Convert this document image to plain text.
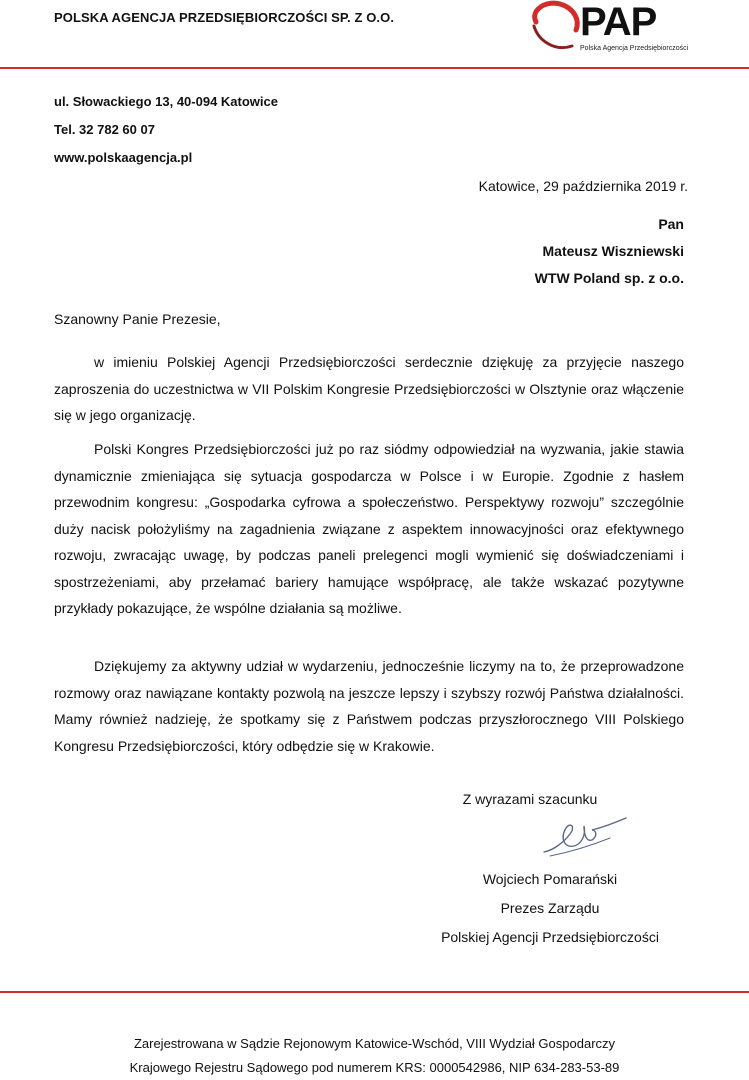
POLSKA AGENCJA PRZEDSIĘBIORCZOŚCI SP. Z O.O.	PAP
Polska Agencja Przedsiębiorczości
ul. Słowackiego 13, 40-094 Katowice
Tel. 32 782 60 07
www.polskaagencja.pl
Katowice, 29 października 2019 r.
Pan
Mateusz Wiszniewski
WTW Poland sp. z o.o.
Szanowny Panie Prezesie,

w imieniu Polskiej Agencji Przedsiębiorczości serdecznie dziękuję za przyjęcie naszego zaproszenia do uczestnictwa w VII Polskim Kongresie Przedsiębiorczości w Olsztynie oraz włączenie się w jego organizację.

Polski Kongres Przedsiębiorczości już po raz siódmy odpowiedział na wyzwania, jakie stawia dynamicznie zmieniająca się sytuacja gospodarcza w Polsce i w Europie. Zgodnie z hasłem przewodnim kongresu: „Gospodarka cyfrowa a społeczeństwo. Perspektywy rozwoju” szczególnie duży nacisk położyliśmy na zagadnienia związane z aspektem innowacyjności oraz efektywnego rozwoju, zwracając uwagę, by podczas paneli prelegenci mogli wymienić się doświadczeniami i spostrzeżeniami, aby przełamać bariery hamujące współpracę, ale także wskazać pozytywne przykłady pokazujące, że wspólne działania są możliwe.

Dziękujemy za aktywny udział w wydarzeniu, jednocześnie liczymy na to, że przeprowadzone rozmowy oraz nawiązane kontakty pozwolą na jeszcze lepszy i szybszy rozwój Państwa działalności. Mamy również nadzieję, że spotkamy się z Państwem podczas przyszłorocznego VIII Polskiego Kongresu Przedsiębiorczości, który odbędzie się w Krakowie.

Z wyrazami szacunku
Wojciech Pomarański
Prezes Zarządu
Polskiej Agencji Przedsiębiorczości
Zarejestrowana w Sądzie Rejonowym Katowice-Wschód, VIII Wydział Gospodarczy
Krajowego Rejestru Sądowego pod numerem KRS: 0000542986, NIP 634-283-53-89
